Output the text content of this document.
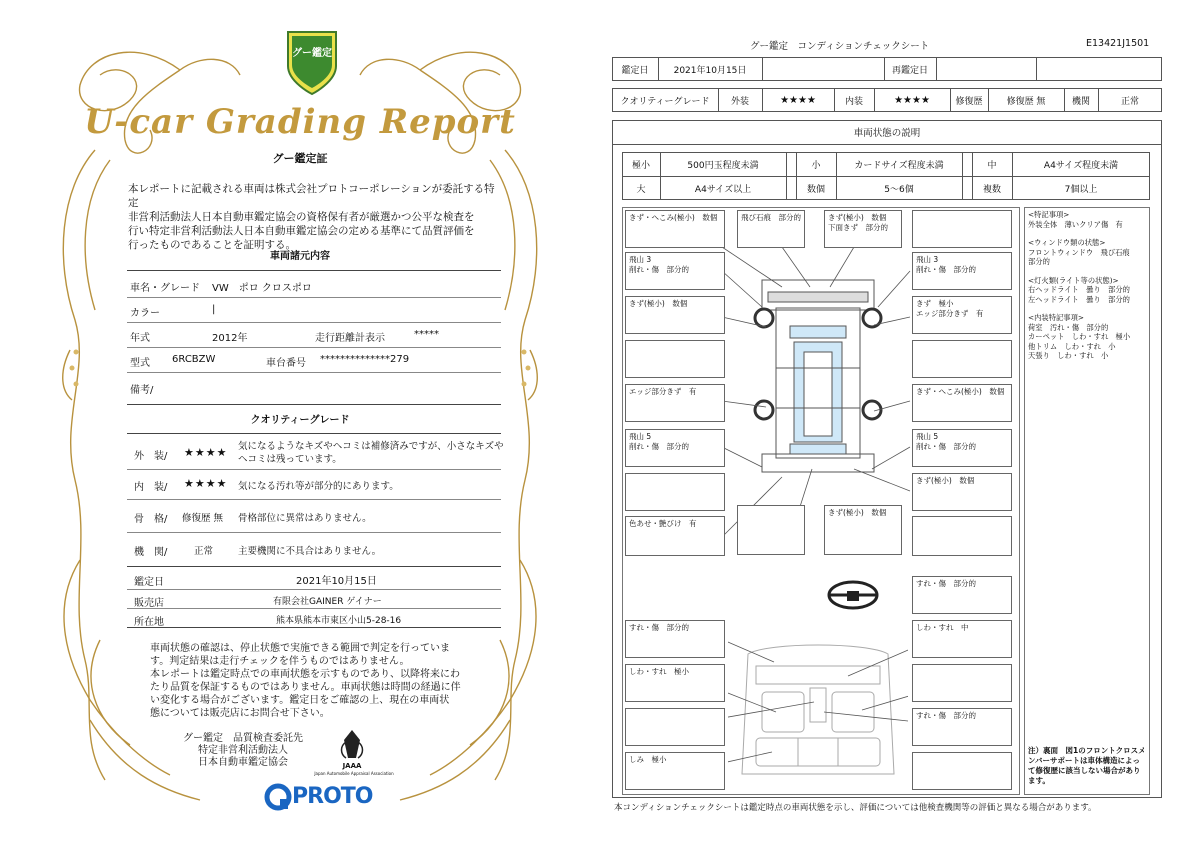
グー鑑定
U-car Grading Report
グー鑑定証
本レポートに記載される車両は株式会社プロトコーポレーションが委託する特定
非営利活動法人日本自動車鑑定協会の資格保有者が厳選かつ公平な検査を
行い特定非営利活動法人日本自動車鑑定協会の定める基準にて品質評価を
行ったものであることを証明する。
車両諸元内容
車名・グレード VW　ポロ クロスポロ
カラー	|
年式	2012年	走行距離計表示	*****
型式 6RCBZW	車台番号 **************279
備考/
クオリティーグレード
外　装/ ★★★★ 気になるようなキズやヘコミは補修済みですが、小さなキズや
ヘコミは残っています。
内　装/ ★★★★ 気になる汚れ等が部分的にあります。
骨　格/ 修復歴 無 骨格部位に異常はありません。
機　関/	正常	主要機関に不具合はありません。
鑑定日	2021年10月15日
販売店	有限会社GAINER ゲイナー
所在地	熊本県熊本市東区小山5-28-16
車両状態の確認は、停止状態で実施できる範囲で判定を行っていま
す。判定結果は走行チェックを伴うものではありません。
本レポートは鑑定時点での車両状態を示すものであり、以降将来にわ
たり品質を保証するものではありません。車両状態は時間の経過に伴
い変化する場合がございます。鑑定日をご確認の上、現在の車両状
態については販売店にお問合せ下さい。
グー鑑定　品質検査委託先
特定非営利活動法人
日本自動車鑑定協会	JAAA
Japan Automobile Appraisal Association
PROTO
グー鑑定　コンディションチェックシート	E13421J1501
鑑定日	2021年10月15日	再鑑定日
クオリティーグレード	外装	★★★★	内装	★★★★	修復歴	修復歴 無	機関	正常
車両状態の説明
極小	500円玉程度未満	小	カードサイズ程度未満	中	A4サイズ程度未満
大	A4サイズ以上	数個	5～6個	複数	7個以上
きず・へこみ(極小)　数個	飛び石痕　部分的	きず(極小)　数個
下面きず　部分的
飛山 3
削れ・傷　部分的
飛山 3
削れ・傷　部分的
きず(極小)　数個	きず　極小
エッジ部分きず　有
エッジ部分きず　有	きず・へこみ(極小)　数個
飛山 5
削れ・傷　部分的
飛山 5
削れ・傷　部分的
きず(極小)　数個
色あせ・艶びけ　有
きず(極小)　数個
すれ・傷　部分的
すれ・傷　部分的
しわ・すれ　中
しわ・すれ　極小
すれ・傷　部分的
しみ　極小
<特記事項>
外装全体　薄いクリア傷　有
<ウィンドウ類の状態>
フロントウィンドウ　飛び石痕
部分的
<灯火類(ライト等の状態)>
右ヘッドライト　曇り　部分的
左ヘッドライト　曇り　部分的
<内装特記事項>
荷室　汚れ・傷　部分的
カーペット　しわ・すれ　極小
他トリム　しわ・すれ　小
天張り　しわ・すれ　小
注）裏面　図1のフロントクロスメ
ンバーサポートは車体構造によっ
て修復歴に該当しない場合があり
ます。
本コンディションチェックシートは鑑定時点の車両状態を示し、評価については他検査機関等の評価と異なる場合があります。
